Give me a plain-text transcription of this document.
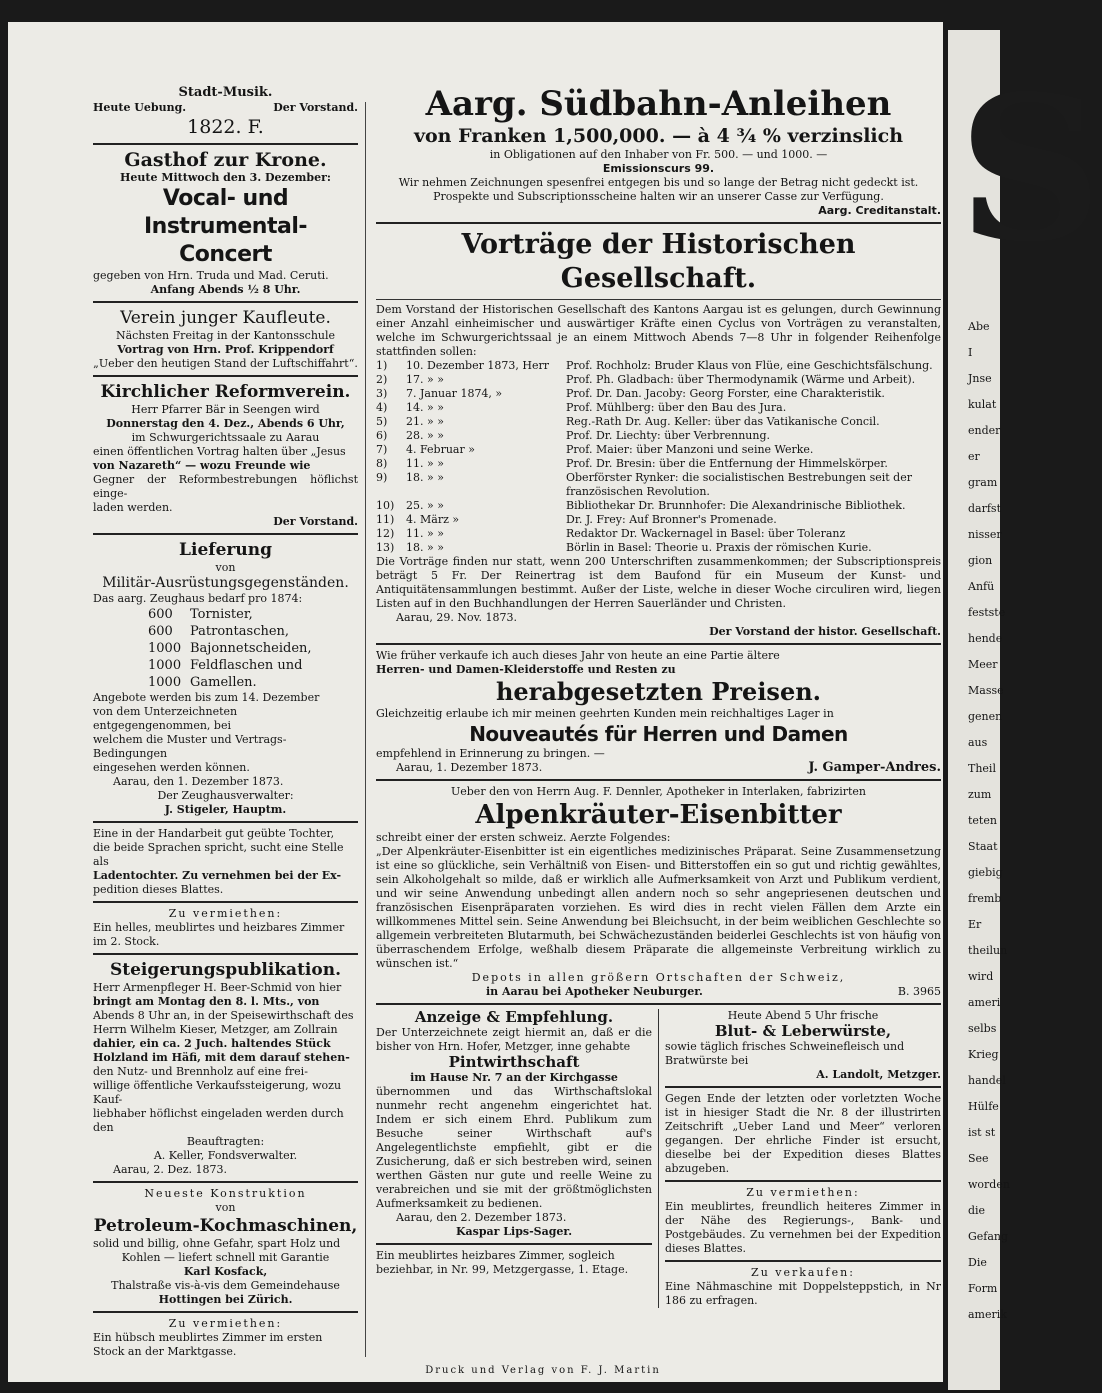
Stadt-Musik.
Heute Uebung.	Der Vorstand.
1822. F.
Gasthof zur Krone.
Heute Mittwoch den 3. Dezember:
Vocal- und Instrumental-
Concert
gegeben von Hrn. Truda und Mad. Ceruti.
Anfang Abends ½ 8 Uhr.
Verein junger Kaufleute.
Nächsten Freitag in der Kantonsschule
Vortrag von Hrn. Prof. Krippendorf
„Ueber den heutigen Stand der Luftschiffahrt“.
Kirchlicher Reformverein.
Herr Pfarrer Bär in Seengen wird
Donnerstag den 4. Dez., Abends 6 Uhr,
im Schwurgerichtssaale zu Aarau
einen öffentlichen Vortrag halten über „Jesus
von Nazareth“ — wozu Freunde wie
Gegner der Reformbestrebungen höflichst einge-
laden werden.
Der Vorstand.
Lieferung
von
Militär-Ausrüstungsgegenständen.
Das aarg. Zeughaus bedarf pro 1874:
600 Tornister,
600 Patrontaschen,
1000 Bajonnetscheiden,
1000 Feldflaschen und
1000 Gamellen.
Angebote werden bis zum 14. Dezember
von dem Unterzeichneten entgegengenommen, bei
welchem die Muster und Vertrags-Bedingungen
eingesehen werden können.
Aarau, den 1. Dezember 1873.
Der Zeughausverwalter:
J. Stigeler, Hauptm.
Eine in der Handarbeit gut geübte Tochter,
die beide Sprachen spricht, sucht eine Stelle als
Ladentochter. Zu vernehmen bei der Ex-
pedition dieses Blattes.
Zu vermiethen:
Ein helles, meublirtes und heizbares Zimmer
im 2. Stock.
Steigerungspublikation.
Herr Armenpfleger H. Beer-Schmid von hier
bringt am Montag den 8. l. Mts., von
Abends 8 Uhr an, in der Speisewirthschaft des
Herrn Wilhelm Kieser, Metzger, am Zollrain
dahier, ein ca. 2 Juch. haltendes Stück
Holzland im Häfi, mit dem darauf stehen-
den Nutz- und Brennholz auf eine frei-
willige öffentliche Verkaufssteigerung, wozu Kauf-
liebhaber höflichst eingeladen werden durch den
Beauftragten:
A. Keller, Fondsverwalter.
Aarau, 2. Dez. 1873.
Neueste Konstruktion
von
Petroleum-Kochmaschinen,
solid und billig, ohne Gefahr, spart Holz und
Kohlen — liefert schnell mit Garantie
Karl Kosfack,
Thalstraße vis-à-vis dem Gemeindehause
Hottingen bei Zürich.
Zu vermiethen:
Ein hübsch meublirtes Zimmer im ersten
Stock an der Marktgasse.
Aarg. Südbahn-Anleihen
von Franken 1,500,000. — à 4 ¾ % verzinslich
in Obligationen auf den Inhaber von Fr. 500. — und 1000. —
Emissionscurs 99.
Wir nehmen Zeichnungen spesenfrei entgegen bis und so lange der Betrag nicht gedeckt ist.
Prospekte und Subscriptionsscheine halten wir an unserer Casse zur Verfügung.
Aarg. Creditanstalt.
Vorträge der Historischen Gesellschaft.
Dem Vorstand der Historischen Gesellschaft des Kantons Aargau ist es gelungen, durch Gewinnung einer Anzahl einheimischer und auswärtiger Kräfte einen Cyclus von Vorträgen zu veranstalten, welche im Schwurgerichtssaal je an einem Mittwoch Abends 7—8 Uhr in folgender Reihenfolge stattfinden sollen:
1)	10. Dezember 1873, Herr	Prof. Rochholz: Bruder Klaus von Flüe, eine Geschichtsfälschung.
2)	17. » »	Prof. Ph. Gladbach: über Thermodynamik (Wärme und Arbeit).
3)	7. Januar 1874, »	Prof. Dr. Dan. Jacoby: Georg Forster, eine Charakteristik.
4)	14. » »	Prof. Mühlberg: über den Bau des Jura.
5)	21. » »	Reg.-Rath Dr. Aug. Keller: über das Vatikanische Concil.
6)	28. » »	Prof. Dr. Liechty: über Verbrennung.
7)	4. Februar »	Prof. Maier: über Manzoni und seine Werke.
8)	11. » »	Prof. Dr. Bresin: über die Entfernung der Himmelskörper.
9)	18. » »	Oberförster Rynker: die socialistischen Bestrebungen seit der französischen Revolution.
10)	25. » »	Bibliothekar Dr. Brunnhofer: Die Alexandrinische Bibliothek.
11)	4. März »	Dr. J. Frey: Auf Bronner's Promenade.
12)	11. » »	Redaktor Dr. Wackernagel in Basel: über Toleranz
13)	18. » »	Börlin in Basel: Theorie u. Praxis der römischen Kurie.
Die Vorträge finden nur statt, wenn 200 Unterschriften zusammenkommen; der Subscriptionspreis beträgt 5 Fr. Der Reinertrag ist dem Baufond für ein Museum der Kunst- und Antiquitätensammlungen bestimmt. Außer der Liste, welche in dieser Woche circuliren wird, liegen Listen auf in den Buchhandlungen der Herren Sauerländer und Christen.
Aarau, 29. Nov. 1873.
Der Vorstand der histor. Gesellschaft.
Wie früher verkaufe ich auch dieses Jahr von heute an eine Partie ältere
Herren- und Damen-Kleiderstoffe und Resten zu
herabgesetzten Preisen.
Gleichzeitig erlaube ich mir meinen geehrten Kunden mein reichhaltiges Lager in
Nouveautés für Herren und Damen
empfehlend in Erinnerung zu bringen. —
Aarau, 1. Dezember 1873.	J. Gamper-Andres.
Ueber den von Herrn Aug. F. Dennler, Apotheker in Interlaken, fabrizirten
Alpenkräuter-Eisenbitter
schreibt einer der ersten schweiz. Aerzte Folgendes:
„Der Alpenkräuter-Eisenbitter ist ein eigentliches medizinisches Präparat. Seine Zusammensetzung ist eine so glückliche, sein Verhältniß von Eisen- und Bitterstoffen ein so gut und richtig gewähltes, sein Alkoholgehalt so milde, daß er wirklich alle Aufmerksamkeit von Arzt und Publikum verdient, und wir seine Anwendung unbedingt allen andern noch so sehr angepriesenen deutschen und französischen Eisenpräparaten vorziehen. Es wird dies in recht vielen Fällen dem Arzte ein willkommenes Mittel sein. Seine Anwendung bei Bleichsucht, in der beim weiblichen Geschlechte so allgemein verbreiteten Blutarmuth, bei Schwächezuständen beiderlei Geschlechts ist von häufig von überraschendem Erfolge, weßhalb diesem Präparate die allgemeinste Verbreitung wirklich zu wünschen ist.“
Depots in allen größern Ortschaften der Schweiz,
in Aarau bei Apotheker Neuburger.	B. 3965
Anzeige & Empfehlung.
Der Unterzeichnete zeigt hiermit an, daß er die bisher von Hrn. Hofer, Metzger, inne gehabte
Pintwirthschaft
im Hause Nr. 7 an der Kirchgasse
übernommen und das Wirthschaftslokal nunmehr recht angenehm eingerichtet hat. Indem er sich einem Ehrd. Publikum zum Besuche seiner Wirthschaft auf's Angelegentlichste empfiehlt, gibt er die Zusicherung, daß er sich bestreben wird, seinen werthen Gästen nur gute und reelle Weine zu verabreichen und sie mit der größtmöglichsten Aufmerksamkeit zu bedienen.
Aarau, den 2. Dezember 1873.
Kaspar Lips-Sager.
Ein meublirtes heizbares Zimmer, sogleich
beziehbar, in Nr. 99, Metzgergasse, 1. Etage.
Heute Abend 5 Uhr frische
Blut- & Leberwürste,
sowie täglich frisches Schweinefleisch und
Bratwürste bei
A. Landolt, Metzger.
Gegen Ende der letzten oder vorletzten Woche ist in hiesiger Stadt die Nr. 8 der illustrirten Zeitschrift „Ueber Land und Meer“ verloren gegangen. Der ehrliche Finder ist ersucht, dieselbe bei der Expedition dieses Blattes abzugeben.
Zu vermiethen:
Ein meublirtes, freundlich heiteres Zimmer in der Nähe des Regierungs-, Bank- und Postgebäudes. Zu vernehmen bei der Expedition dieses Blattes.
Zu verkaufen:
Eine Nähmaschine mit Doppelsteppstich, in Nr 186 zu erfragen.
Druck und Verlag von F. J. Martin
S
Abe
I
Jnse
kulat
ender
er
gram
darfst
nisser
gion
Anfü
festste
hende
Meer
Masse
genen
aus
Theil
zum
teten
Staat
giebig
fremb
Er
theilun
wird
ameri
selbs
Krieg
handel
Hülfe
ist st
See
worden
die
Gefang
Die
Form
amerik
